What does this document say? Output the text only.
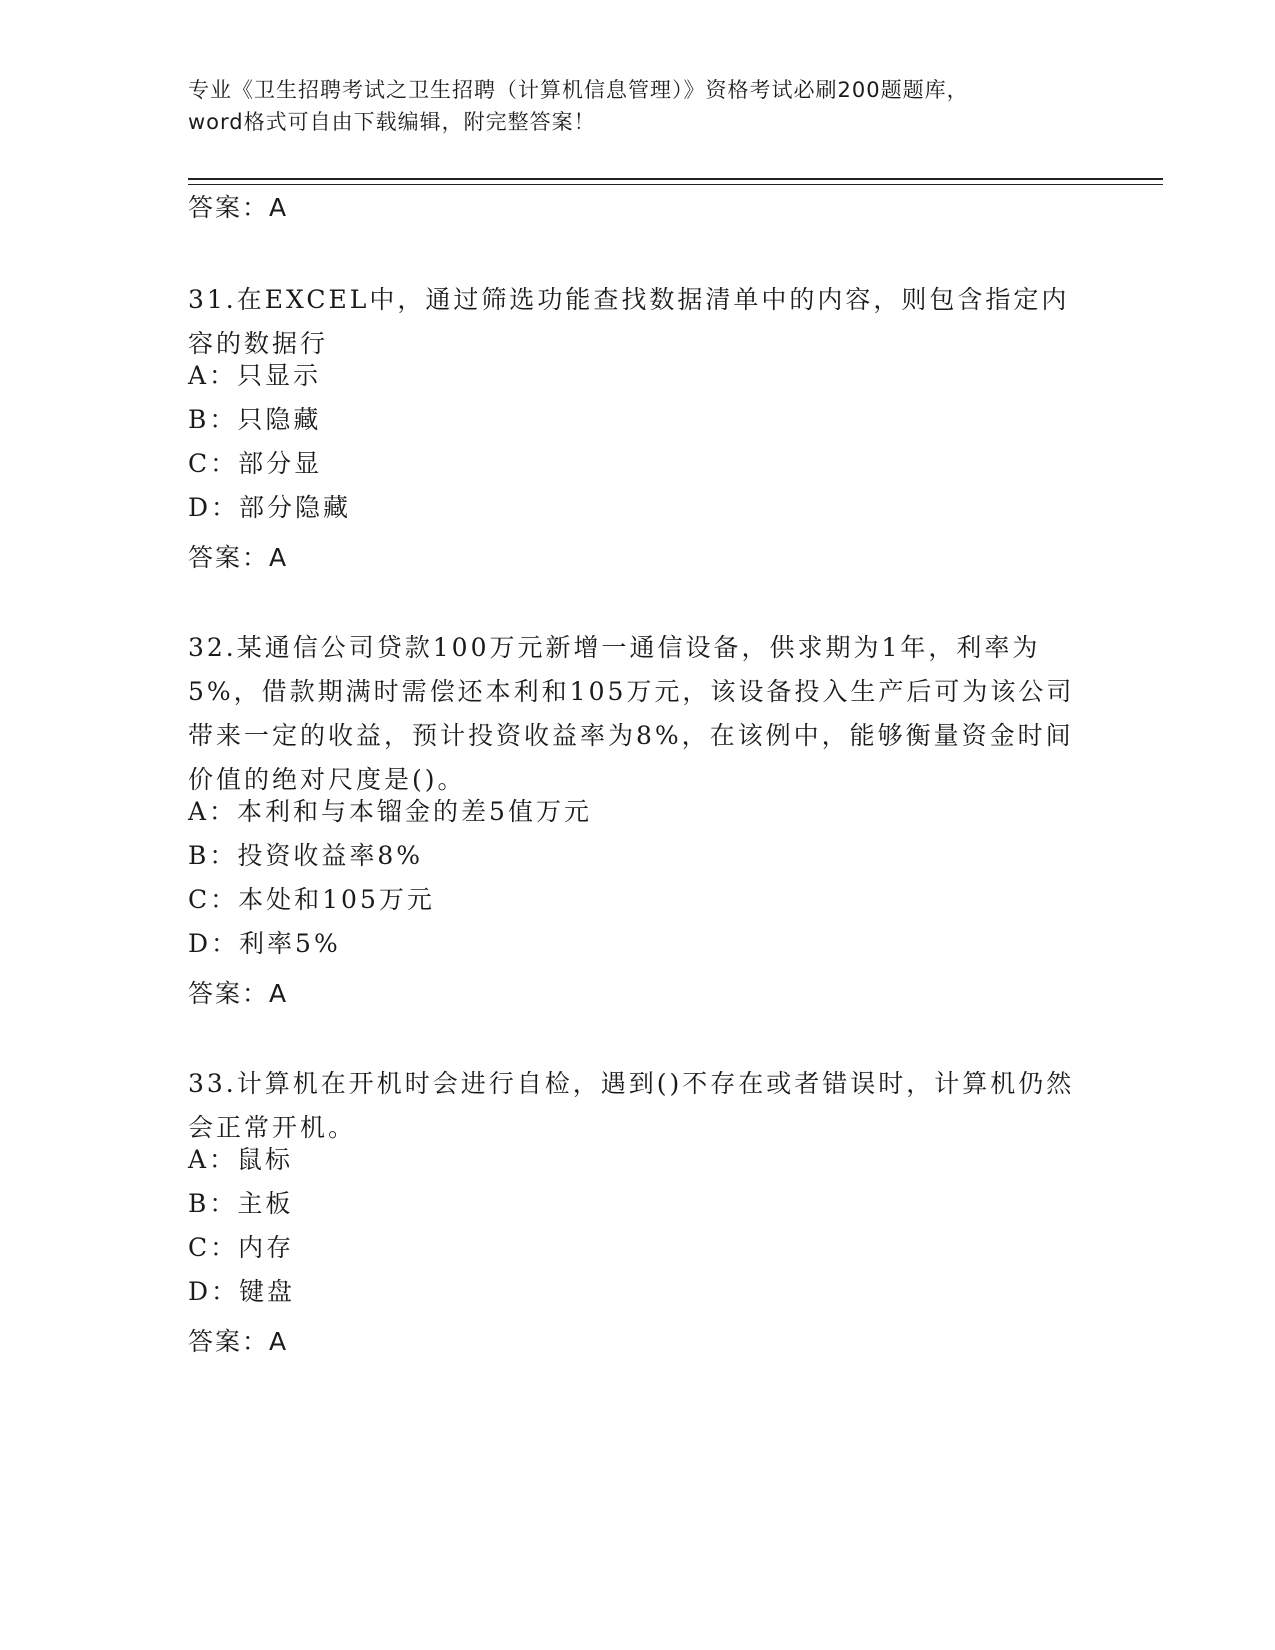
专业《卫生招聘考试之卫生招聘（计算机信息管理）》资格考试必刷200题题库，
word格式可自由下载编辑，附完整答案！
答案：A
31.在EXCEL中，通过筛选功能查找数据清单中的内容，则包含指定内容的数据行
A：只显示
B：只隐藏
C：部分显
D：部分隐藏
答案：A
32.某通信公司贷款100万元新增一通信设备，供求期为1年，利率为5%，借款期满时需偿还本利和105万元，该设备投入生产后可为该公司带来一定的收益，预计投资收益率为8%，在该例中，能够衡量资金时间价值的绝对尺度是()。
A：本利和与本镏金的差5值万元
B：投资收益率8%
C：本处和105万元
D：利率5%
答案：A
33.计算机在开机时会进行自检，遇到()不存在或者错误时，计算机仍然会正常开机。
A：鼠标
B：主板
C：内存
D：键盘
答案：A
